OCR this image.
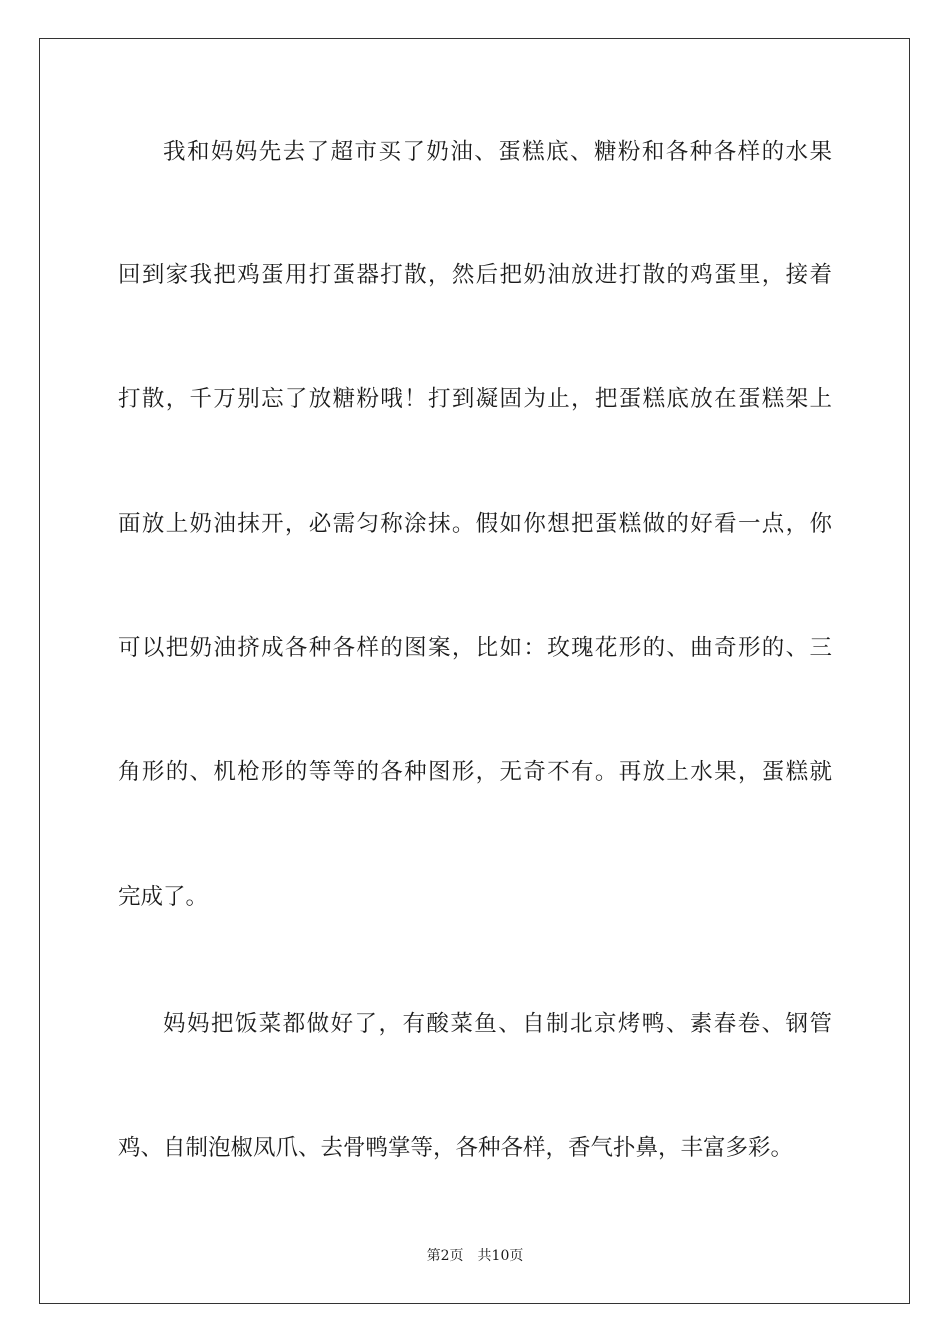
我和妈妈先去了超市买了奶油、蛋糕底、糖粉和各种各样的水果
回到家我把鸡蛋用打蛋器打散，然后把奶油放进打散的鸡蛋里，接着
打散，千万别忘了放糖粉哦！打到凝固为止，把蛋糕底放在蛋糕架上
面放上奶油抹开，必需匀称涂抹。假如你想把蛋糕做的好看一点，你
可以把奶油挤成各种各样的图案，比如：玫瑰花形的、曲奇形的、三
角形的、机枪形的等等的各种图形，无奇不有。再放上水果，蛋糕就
完成了。
妈妈把饭菜都做好了，有酸菜鱼、自制北京烤鸭、素春卷、钢管
鸡、自制泡椒凤爪、去骨鸭掌等，各种各样，香气扑鼻，丰富多彩。
第2页 共10页
